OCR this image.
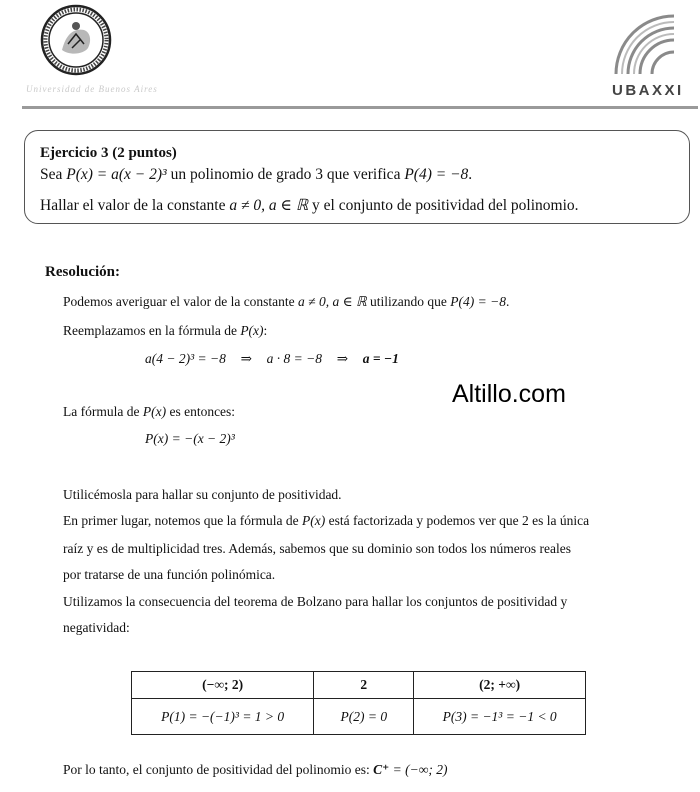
Universidad de Buenos Aires	UBAXXI
Ejercicio 3 (2 puntos)
Sea P(x) = a(x − 2)³ un polinomio de grado 3 que verifica P(4) = −8.
Hallar el valor de la constante a ≠ 0, a ∈ ℝ y el conjunto de positividad del polinomio.
Resolución:
Podemos averiguar el valor de la constante a ≠ 0, a ∈ ℝ utilizando que P(4) = −8.
Reemplazamos en la fórmula de P(x):
a(4 − 2)³ = −8 ⇒ a · 8 = −8 ⇒ a = −1
Altillo.com
La fórmula de P(x) es entonces:
P(x) = −(x − 2)³
Utilicémosla para hallar su conjunto de positividad.
En primer lugar, notemos que la fórmula de P(x) está factorizada y podemos ver que 2 es la única
raíz y es de multiplicidad tres. Además, sabemos que su dominio son todos los números reales
por tratarse de una función polinómica.
Utilizamos la consecuencia del teorema de Bolzano para hallar los conjuntos de positividad y
negatividad:
(−∞; 2)	2	(2; +∞)
P(1) = −(−1)³ = 1 > 0	P(2) = 0	P(3) = −1³ = −1 < 0
Por lo tanto, el conjunto de positividad del polinomio es: C⁺ = (−∞; 2)
